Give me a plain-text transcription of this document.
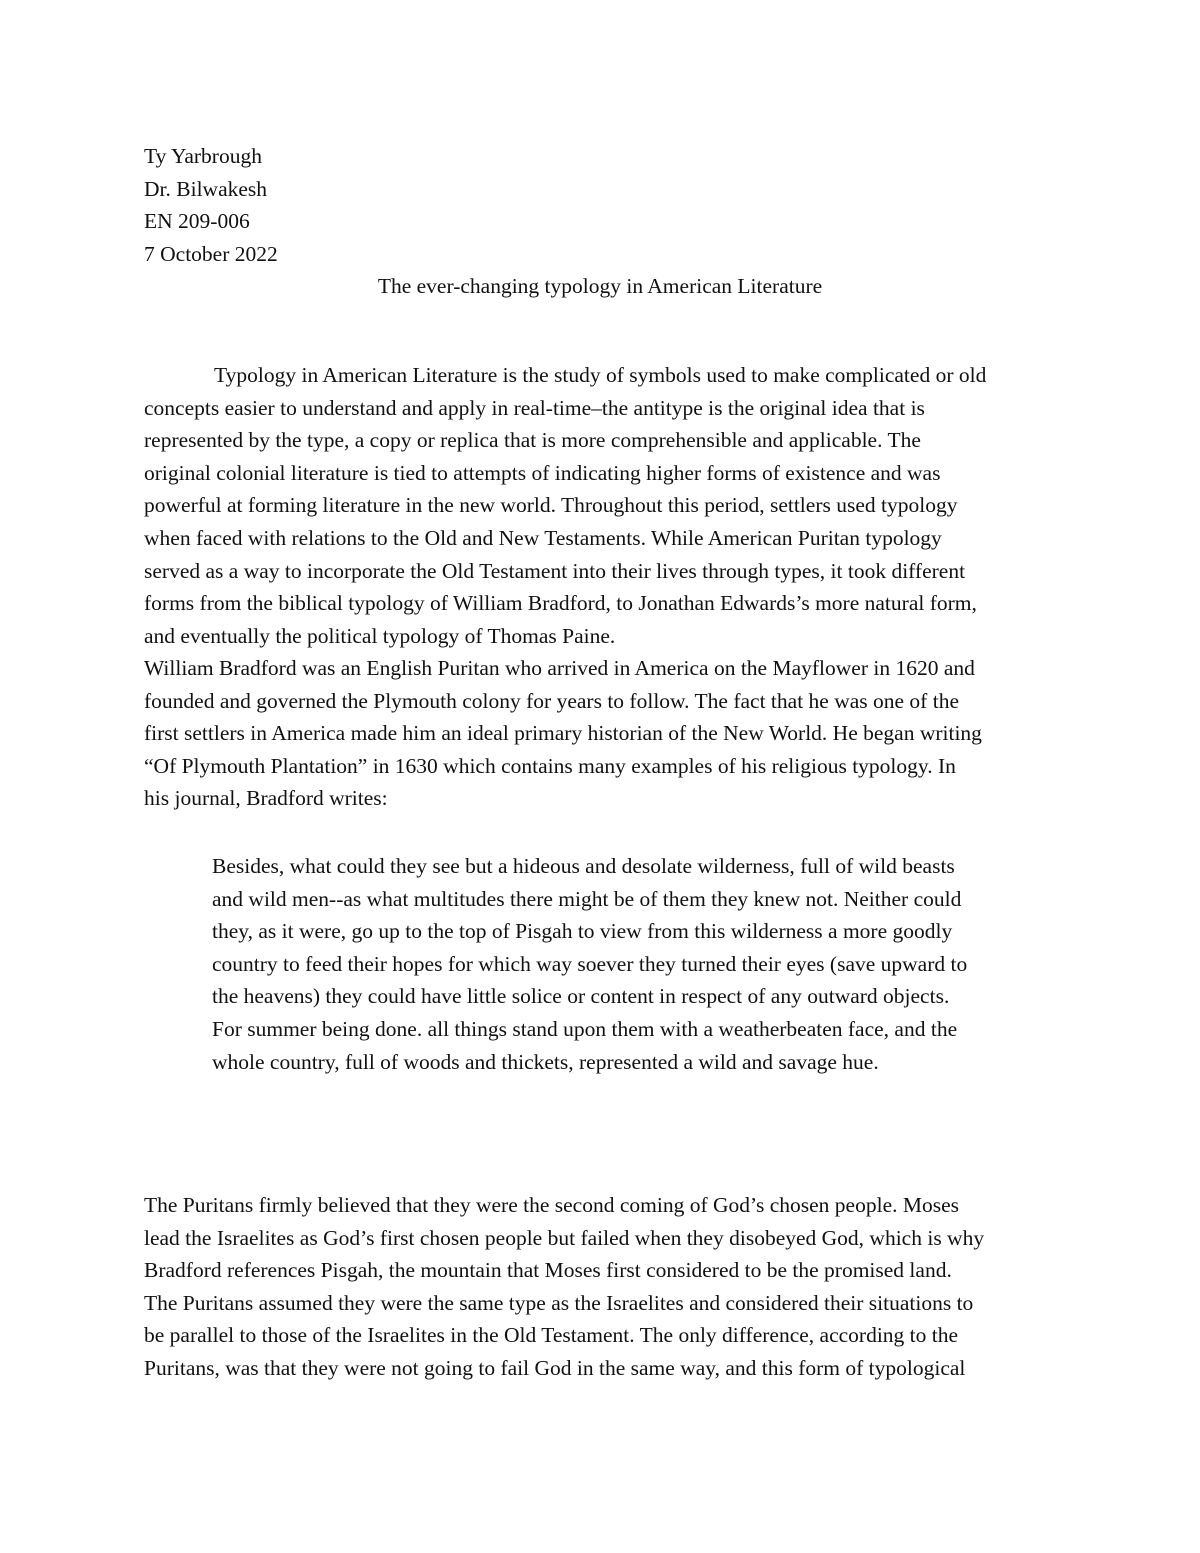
Ty Yarbrough
Dr. Bilwakesh
EN 209-006
7 October 2022
The ever-changing typology in American Literature
Typology in American Literature is the study of symbols used to make complicated or old
concepts easier to understand and apply in real-time–the antitype is the original idea that is
represented by the type, a copy or replica that is more comprehensible and applicable. The
original colonial literature is tied to attempts of indicating higher forms of existence and was
powerful at forming literature in the new world. Throughout this period, settlers used typology
when faced with relations to the Old and New Testaments. While American Puritan typology
served as a way to incorporate the Old Testament into their lives through types, it took different
forms from the biblical typology of William Bradford, to Jonathan Edwards’s more natural form,
and eventually the political typology of Thomas Paine.
William Bradford was an English Puritan who arrived in America on the Mayflower in 1620 and
founded and governed the Plymouth colony for years to follow. The fact that he was one of the
first settlers in America made him an ideal primary historian of the New World. He began writing
“Of Plymouth Plantation” in 1630 which contains many examples of his religious typology. In
his journal, Bradford writes:
Besides, what could they see but a hideous and desolate wilderness, full of wild beasts
and wild men--as what multitudes there might be of them they knew not. Neither could
they, as it were, go up to the top of Pisgah to view from this wilderness a more goodly
country to feed their hopes for which way soever they turned their eyes (save upward to
the heavens) they could have little solice or content in respect of any outward objects.
For summer being done. all things stand upon them with a weatherbeaten face, and the
whole country, full of woods and thickets, represented a wild and savage hue.
The Puritans firmly believed that they were the second coming of God’s chosen people. Moses
lead the Israelites as God’s first chosen people but failed when they disobeyed God, which is why
Bradford references Pisgah, the mountain that Moses first considered to be the promised land.
The Puritans assumed they were the same type as the Israelites and considered their situations to
be parallel to those of the Israelites in the Old Testament. The only difference, according to the
Puritans, was that they were not going to fail God in the same way, and this form of typological
